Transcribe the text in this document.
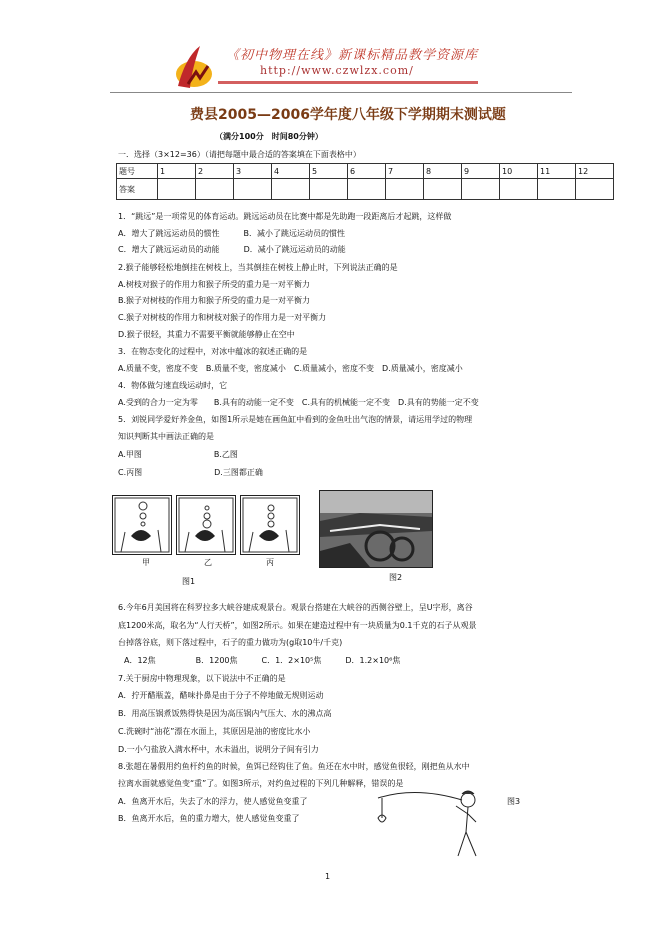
《初中物理在线》新课标精品教学资源库
http://www.czwlzx.com/
费县2005—2006学年度八年级下学期期末测试题
（满分100分　时间80分钟）
一．选择（3×12=36）（请把每题中最合适的答案填在下面表格中）
题号	1	2	3	4	5	6	7	8	9	10	11	12
答案												
1．“跳远”是一项常见的体育运动。跳远运动员在比赛中都是先助跑一段距离后才起跳，这样做
A．增大了跳远运动员的惯性　　　B．减小了跳远运动员的惯性
C．增大了跳远运动员的动能　　　D．减小了跳远运动员的动能
2.猴子能够轻松地倒挂在树枝上，当其倒挂在树枝上静止时，下列说法正确的是
A.树枝对猴子的作用力和猴子所受的重力是一对平衡力
B.猴子对树枝的作用力和猴子所受的重力是一对平衡力
C.猴子对树枝的作用力和树枝对猴子的作用力是一对平衡力
D.猴子很轻，其重力不需要平衡就能够静止在空中
3．在物态变化的过程中，对冰中蕴冰的叙述正确的是
A.质量不变，密度不变　B.质量不变，密度减小　C.质量减小，密度不变　D.质量减小，密度减小
4．物体做匀速直线运动时，它
A.受到的合力一定为零　　B.具有的动能一定不变　C.具有的机械能一定不变　D.具有的势能一定不变
5．刘锐同学爱好养金鱼，如图1所示是她在画鱼缸中看到的金鱼吐出气泡的情景，请运用学过的物理
知识判断其中画法正确的是
A.甲图　　　　　　　　　B.乙图
C.丙图　　　　　　　　　D.三图都正确
甲	乙	丙
图1	图2
6.今年6月美国将在科罗拉多大峡谷建成观景台。观景台搭建在大峡谷的西侧谷壁上，呈U字形，离谷
底1200米高，取名为“人行天桥”，如图2所示。如果在建造过程中有一块质量为0.1千克的石子从观景
台掉落谷底，则下落过程中，石子的重力做功为(g取10牛/千克)
A．12焦　　　　　B．1200焦　　　C．1．2×10⁵焦　　　D．1.2×10⁶焦
7.关于厨房中物理现象，以下说法中不正确的是
A．拧开醋瓶盖，醋味扑鼻是由于分子不停地做无规则运动
B．用高压锅煮饭熟得快是因为高压锅内气压大、水的沸点高
C.洗碗时“油花”漂在水面上，其原因是油的密度比水小
D.一小勺盐放入满水杯中，水未溢出，说明分子间有引力
8.张超在暑假用约鱼杆约鱼的时候，鱼饵已经钩住了鱼。鱼还在水中时，感觉鱼很轻，刚把鱼从水中
拉离水面就感觉鱼变“重”了。如图3所示，对约鱼过程的下列几种解释，错误的是
A．鱼离开水后，失去了水的浮力，使人感觉鱼变重了
B．鱼离开水后，鱼的重力增大，使人感觉鱼变重了
图3
1
